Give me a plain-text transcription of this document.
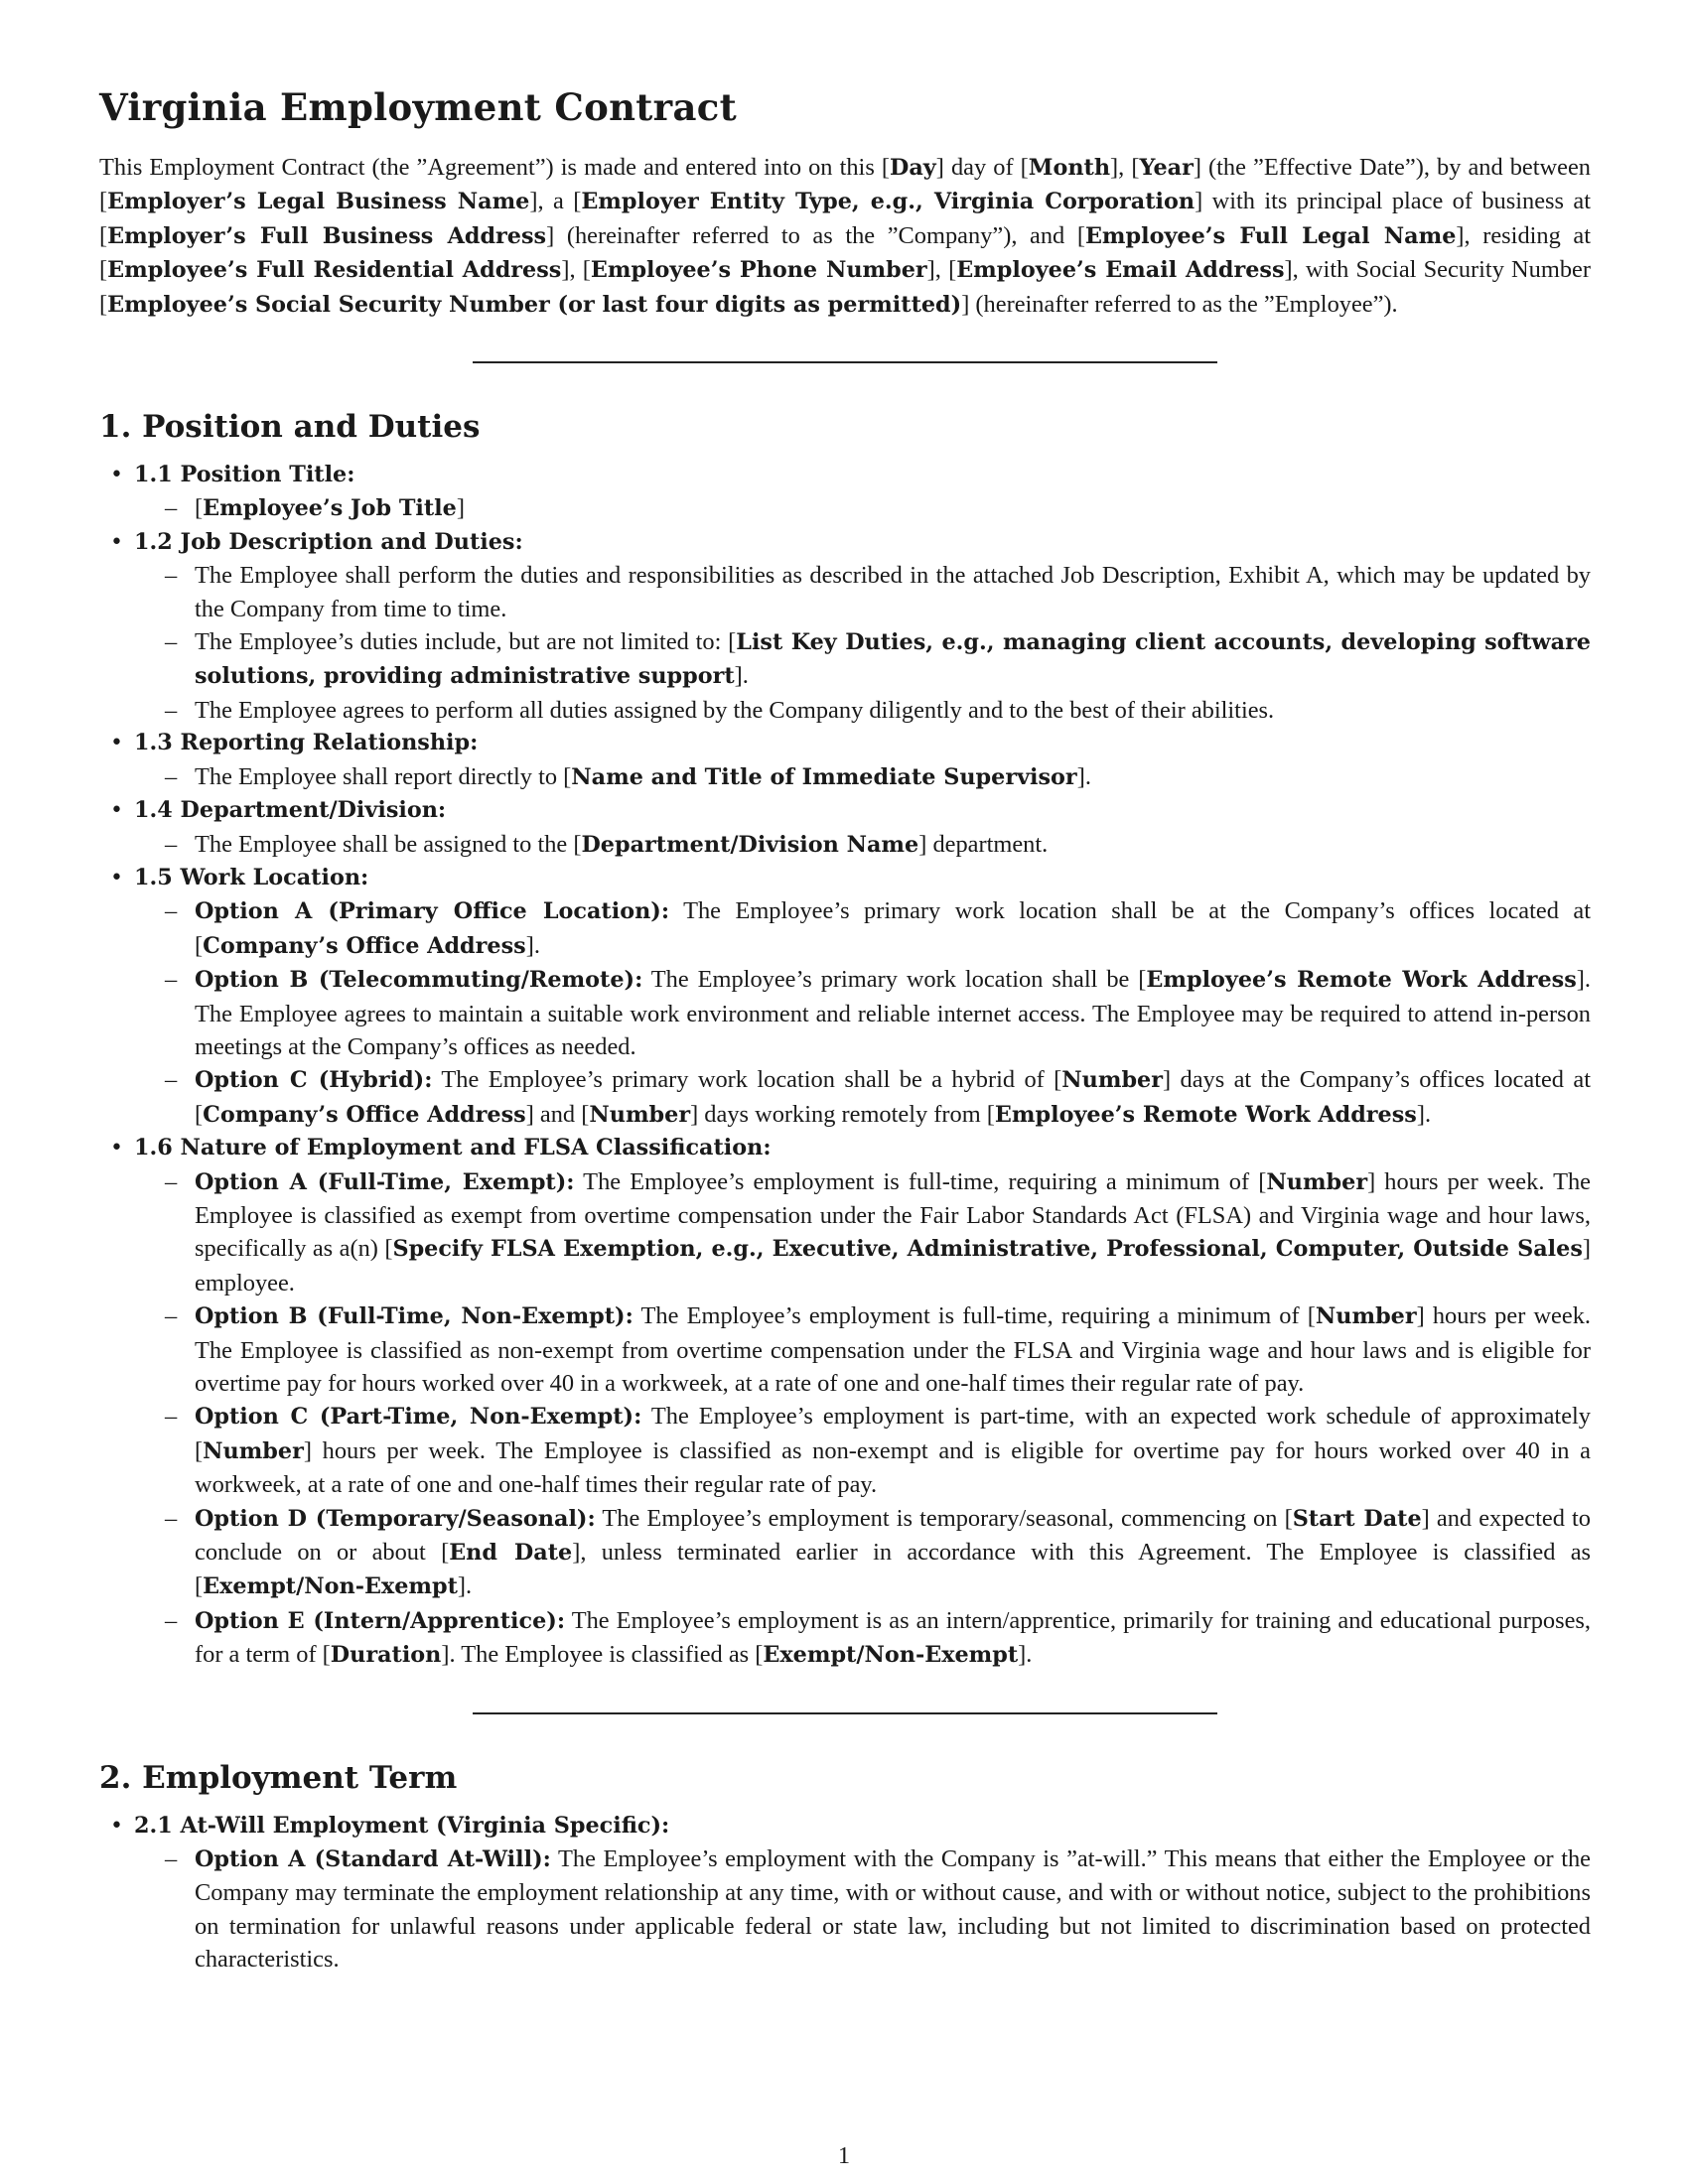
Virginia Employment Contract

This Employment Contract (the ”Agreement”) is made and entered into on this [Day] day of [Month], [Year] (the ”Effective Date”), by and between [Employer’s Legal Business Name], a [Employer Entity Type, e.g., Virginia Corporation] with its principal place of business at [Employer’s Full Business Address] (hereinafter referred to as the ”Company”), and [Employee’s Full Legal Name], residing at [Employee’s Full Residential Address], [Employee’s Phone Number], [Employee’s Email Address], with Social Security Number [Employee’s Social Security Number (or last four digits as permitted)] (hereinafter referred to as the ”Employee”).

1. Position and Duties
• 1.1 Position Title:
– [Employee’s Job Title]
• 1.2 Job Description and Duties:
– The Employee shall perform the duties and responsibilities as described in the attached Job Description, Exhibit A, which may be updated by the Company from time to time.
– The Employee’s duties include, but are not limited to: [List Key Duties, e.g., managing client accounts, developing software solutions, providing administrative support].
– The Employee agrees to perform all duties assigned by the Company diligently and to the best of their abilities.
• 1.3 Reporting Relationship:
– The Employee shall report directly to [Name and Title of Immediate Supervisor].
• 1.4 Department/Division:
– The Employee shall be assigned to the [Department/Division Name] department.
• 1.5 Work Location:
– Option A (Primary Office Location): The Employee’s primary work location shall be at the Company’s offices located at [Company’s Office Address].
– Option B (Telecommuting/Remote): The Employee’s primary work location shall be [Employee’s Remote Work Address]. The Employee agrees to maintain a suitable work environment and reliable internet access. The Employee may be required to attend in-person meetings at the Company’s offices as needed.
– Option C (Hybrid): The Employee’s primary work location shall be a hybrid of [Number] days at the Company’s offices located at [Company’s Office Address] and [Number] days working remotely from [Employee’s Remote Work Address].
• 1.6 Nature of Employment and FLSA Classification:
– Option A (Full-Time, Exempt): The Employee’s employment is full-time, requiring a minimum of [Number] hours per week. The Employee is classified as exempt from overtime compensation under the Fair Labor Standards Act (FLSA) and Virginia wage and hour laws, specifically as a(n) [Specify FLSA Exemption, e.g., Executive, Administrative, Professional, Computer, Outside Sales] employee.
– Option B (Full-Time, Non-Exempt): The Employee’s employment is full-time, requiring a minimum of [Number] hours per week. The Employee is classified as non-exempt from overtime compensation under the FLSA and Virginia wage and hour laws and is eligible for overtime pay for hours worked over 40 in a workweek, at a rate of one and one-half times their regular rate of pay.
– Option C (Part-Time, Non-Exempt): The Employee’s employment is part-time, with an expected work schedule of approximately [Number] hours per week. The Employee is classified as non-exempt and is eligible for overtime pay for hours worked over 40 in a workweek, at a rate of one and one-half times their regular rate of pay.
– Option D (Temporary/Seasonal): The Employee’s employment is temporary/seasonal, commencing on [Start Date] and expected to conclude on or about [End Date], unless terminated earlier in accordance with this Agreement. The Employee is classified as [Exempt/Non-Exempt].
– Option E (Intern/Apprentice): The Employee’s employment is as an intern/apprentice, primarily for training and educational purposes, for a term of [Duration]. The Employee is classified as [Exempt/Non-Exempt].
2. Employment Term
• 2.1 At-Will Employment (Virginia Specific):
– Option A (Standard At-Will): The Employee’s employment with the Company is ”at-will.” This means that either the Employee or the Company may terminate the employment relationship at any time, with or without cause, and with or without notice, subject to the prohibitions on termination for unlawful reasons under applicable federal or state law, including but not limited to discrimination based on protected characteristics.
1
